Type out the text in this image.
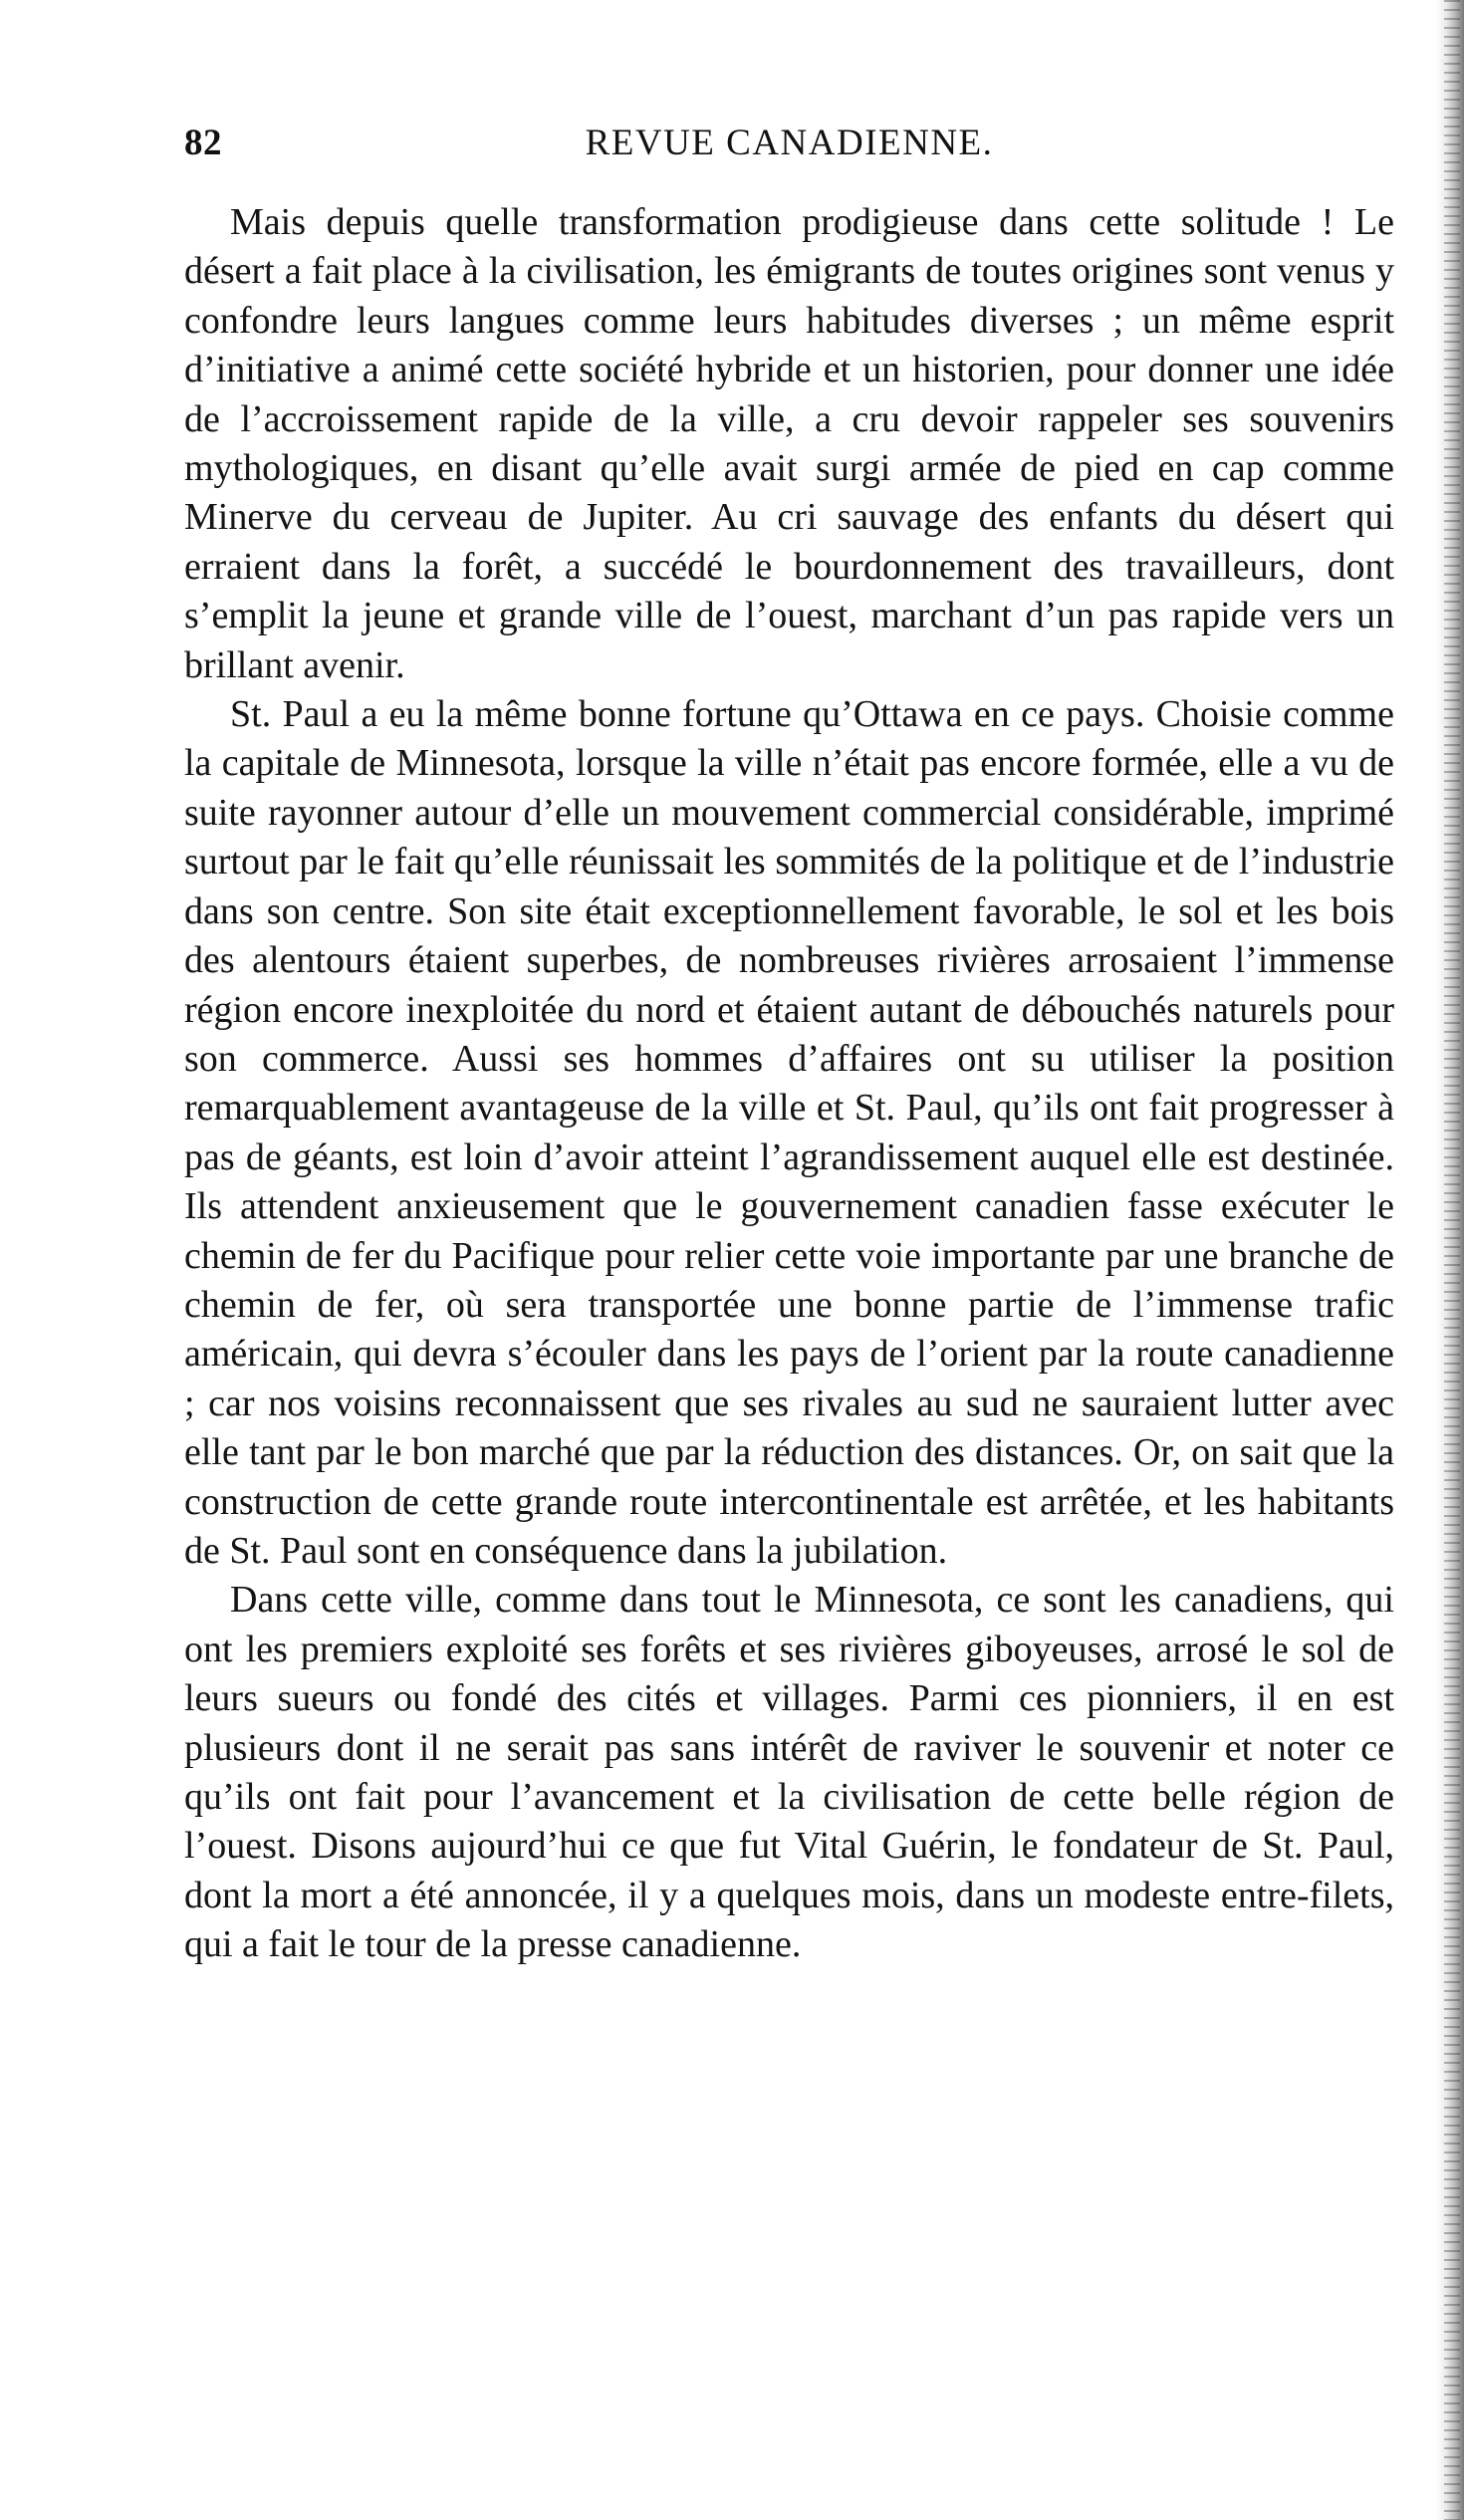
82	REVUE CANADIENNE.

Mais depuis quelle transformation prodigieuse dans cette solitude ! Le désert a fait place à la civilisation, les émigrants de toutes origines sont venus y confondre leurs langues comme leurs habitudes diverses ; un même esprit d’initiative a animé cette société hybride et un historien, pour donner une idée de l’accroissement rapide de la ville, a cru devoir rappeler ses souvenirs mythologiques, en disant qu’elle avait surgi armée de pied en cap comme Minerve du cerveau de Jupiter. Au cri sauvage des enfants du désert qui erraient dans la forêt, a succédé le bourdonnement des travailleurs, dont s’emplit la jeune et grande ville de l’ouest, marchant d’un pas rapide vers un brillant avenir.

St. Paul a eu la même bonne fortune qu’Ottawa en ce pays. Choisie comme la capitale de Minnesota, lorsque la ville n’était pas encore formée, elle a vu de suite rayonner autour d’elle un mouvement commercial considérable, imprimé surtout par le fait qu’elle réunissait les sommités de la politique et de l’industrie dans son centre. Son site était exceptionnellement favorable, le sol et les bois des alentours étaient superbes, de nombreuses rivières arrosaient l’immense région encore inexploitée du nord et étaient autant de débouchés naturels pour son commerce. Aussi ses hommes d’affaires ont su utiliser la position remarquablement avantageuse de la ville et St. Paul, qu’ils ont fait progresser à pas de géants, est loin d’avoir atteint l’agrandissement auquel elle est destinée. Ils attendent anxieusement que le gouvernement canadien fasse exécuter le chemin de fer du Pacifique pour relier cette voie importante par une branche de chemin de fer, où sera transportée une bonne partie de l’immense trafic américain, qui devra s’écouler dans les pays de l’orient par la route canadienne ; car nos voisins reconnaissent que ses rivales au sud ne sauraient lutter avec elle tant par le bon marché que par la réduction des distances. Or, on sait que la construction de cette grande route intercontinentale est arrêtée, et les habitants de St. Paul sont en conséquence dans la jubilation.

Dans cette ville, comme dans tout le Minnesota, ce sont les canadiens, qui ont les premiers exploité ses forêts et ses rivières giboyeuses, arrosé le sol de leurs sueurs ou fondé des cités et villages. Parmi ces pionniers, il en est plusieurs dont il ne serait pas sans intérêt de raviver le souvenir et noter ce qu’ils ont fait pour l’avancement et la civilisation de cette belle région de l’ouest. Disons aujourd’hui ce que fut Vital Guérin, le fondateur de St. Paul, dont la mort a été annoncée, il y a quelques mois, dans un modeste entre-filets, qui a fait le tour de la presse canadienne.
